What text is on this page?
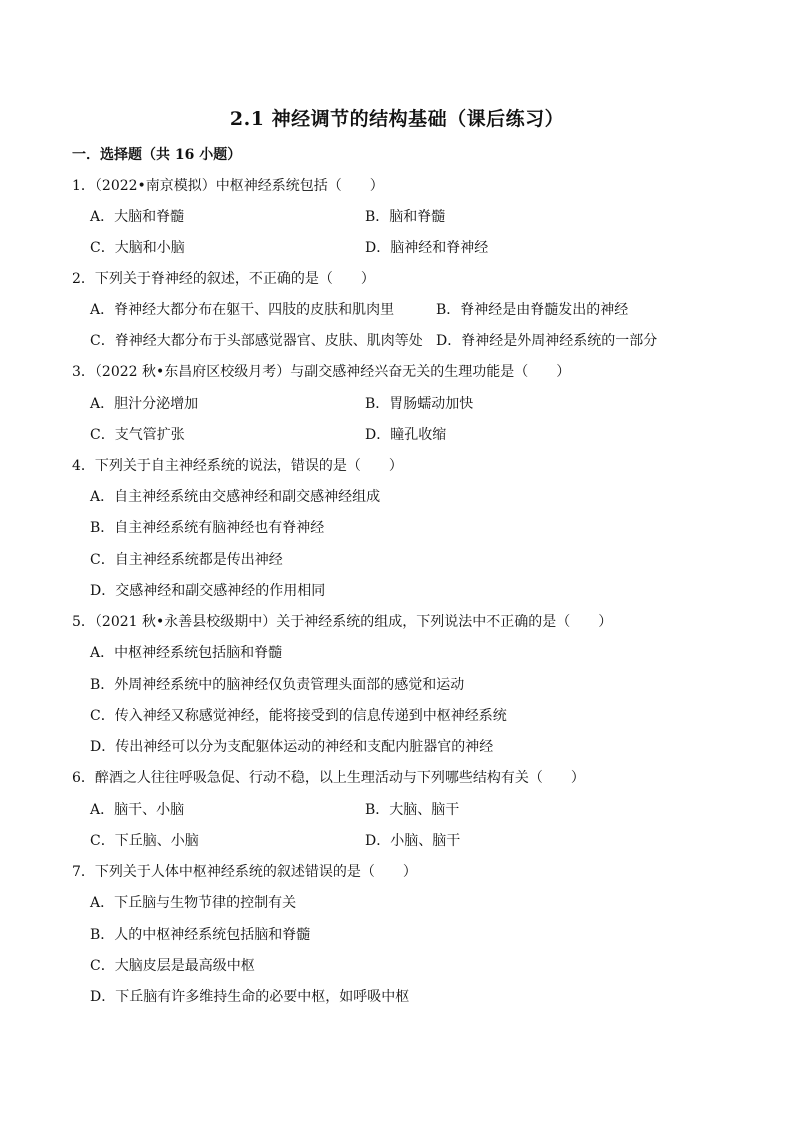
2.1 神经调节的结构基础（课后练习）
一．选择题（共 16 小题）
1．（2022•南京模拟）中枢神经系统包括（　　）
A．大脑和脊髓	B．脑和脊髓
C．大脑和小脑	D．脑神经和脊神经
2．下列关于脊神经的叙述，不正确的是（　　）
A．脊神经大都分布在躯干、四肢的皮肤和肌肉里	B．脊神经是由脊髓发出的神经
C．脊神经大都分布于头部感觉器官、皮肤、肌肉等处 D．脊神经是外周神经系统的一部分
3．（2022 秋•东昌府区校级月考）与副交感神经兴奋无关的生理功能是（　　）
A．胆汁分泌增加	B．胃肠蠕动加快
C．支气管扩张	D．瞳孔收缩
4．下列关于自主神经系统的说法，错误的是（　　）
A．自主神经系统由交感神经和副交感神经组成
B．自主神经系统有脑神经也有脊神经
C．自主神经系统都是传出神经
D．交感神经和副交感神经的作用相同
5．（2021 秋•永善县校级期中）关于神经系统的组成，下列说法中不正确的是（　　）
A．中枢神经系统包括脑和脊髓
B．外周神经系统中的脑神经仅负责管理头面部的感觉和运动
C．传入神经又称感觉神经，能将接受到的信息传递到中枢神经系统
D．传出神经可以分为支配躯体运动的神经和支配内脏器官的神经
6．醉酒之人往往呼吸急促、行动不稳，以上生理活动与下列哪些结构有关（　　）
A．脑干、小脑	B．大脑、脑干
C．下丘脑、小脑	D．小脑、脑干
7．下列关于人体中枢神经系统的叙述错误的是（　　）
A．下丘脑与生物节律的控制有关
B．人的中枢神经系统包括脑和脊髓
C．大脑皮层是最高级中枢
D．下丘脑有许多维持生命的必要中枢，如呼吸中枢
